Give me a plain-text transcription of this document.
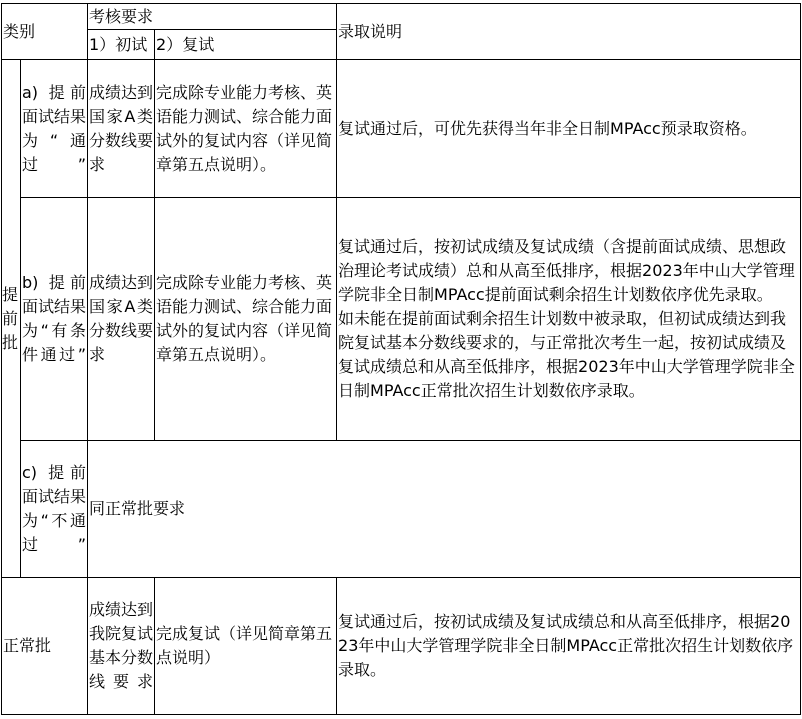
类别		考核要求		录取说明
		1）初试	2）复试	
提前批	a) 提前面试结果为“通过”	成绩达到国家A类分数线要求	完成除专业能力考核、英语能力测试、综合能力面试外的复试内容（详见简章第五点说明）。	复试通过后，可优先获得当年非全日制MPAcc预录取资格。
	b) 提前面试结果为“有条件通过”	成绩达到国家A类分数线要求	完成除专业能力考核、英语能力测试、综合能力面试外的复试内容（详见简章第五点说明）。	复试通过后，按初试成绩及复试成绩（含提前面试成绩、思想政治理论考试成绩）总和从高至低排序，根据2023年中山大学管理学院非全日制MPAcc提前面试剩余招生计划数依序优先录取。
如未能在提前面试剩余招生计划数中被录取，但初试成绩达到我院复试基本分数线要求的，与正常批次考生一起，按初试成绩及复试成绩总和从高至低排序，根据2023年中山大学管理学院非全日制MPAcc正常批次招生计划数依序录取。

	c) 提前面试结果为“不通过”	同正常批要求		
正常批		成绩达到我院复试基本分数线要求	完成复试（详见简章第五点说明）	复试通过后，按初试成绩及复试成绩总和从高至低排序，根据2023年中山大学管理学院非全日制MPAcc正常批次招生计划数依序录取。
